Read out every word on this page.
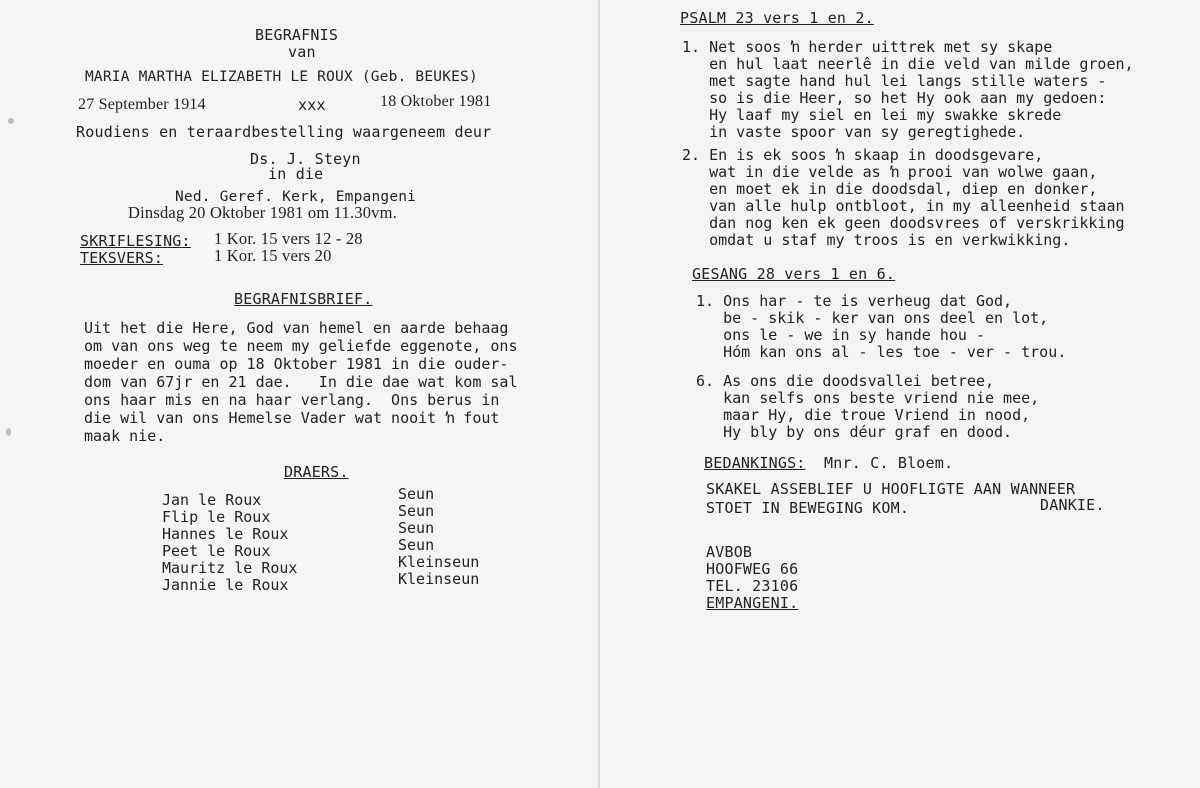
BEGRAFNIS
van
MARIA MARTHA ELIZABETH LE ROUX (Geb. BEUKES)
27 September 1914	xxx	18 Oktober 1981
Roudiens en teraardbestelling waargeneem deur
Ds. J. Steyn
in die
Ned. Geref. Kerk, Empangeni
Dinsdag 20 Oktober 1981 om 11.30vm.
SKRIFLESING: 1 Kor. 15 vers 12 - 28
TEKSVERS:	1 Kor. 15 vers 20
BEGRAFNISBRIEF.
Uit het die Here, God van hemel en aarde behaag
om van ons weg te neem my geliefde eggenote, ons
moeder en ouma op 18 Oktober 1981 in die ouder-
dom van 67jr en 21 dae.   In die dae wat kom sal
ons haar mis en na haar verlang.  Ons berus in
die wil van ons Hemelse Vader wat nooit ŉ fout
maak nie.
DRAERS.
Jan le Roux	Seun
Flip le Roux	Seun
Hannes le Roux	Seun
Peet le Roux	Seun
Mauritz le Roux	Kleinseun
Jannie le Roux	Kleinseun
PSALM 23 vers 1 en 2.
1. Net soos ŉ herder uittrek met sy skape
en hul laat neerlê in die veld van milde groen,
met sagte hand hul lei langs stille waters -
so is die Heer, so het Hy ook aan my gedoen:
Hy laaf my siel en lei my swakke skrede
in vaste spoor van sy geregtighede.
2. En is ek soos ŉ skaap in doodsgevare,
wat in die velde as ŉ prooi van wolwe gaan,
en moet ek in die doodsdal, diep en donker,
van alle hulp ontbloot, in my alleenheid staan
dan nog ken ek geen doodsvrees of verskrikking
omdat u staf my troos is en verkwikking.
GESANG 28 vers 1 en 6.
1. Ons har - te is verheug dat God,
be - skik - ker van ons deel en lot,
ons le - we in sy hande hou -
Hóm kan ons al - les toe - ver - trou.
6. As ons die doodsvallei betree,
kan selfs ons beste vriend nie mee,
maar Hy, die troue Vriend in nood,
Hy bly by ons déur graf en dood.
BEDANKINGS: Mnr. C. Bloem.
SKAKEL ASSEBLIEF U HOOFLIGTE AAN WANNEER
STOET IN BEWEGING KOM.	DANKIE.
AVBOB
HOOFWEG 66
TEL. 23106
EMPANGENI.
